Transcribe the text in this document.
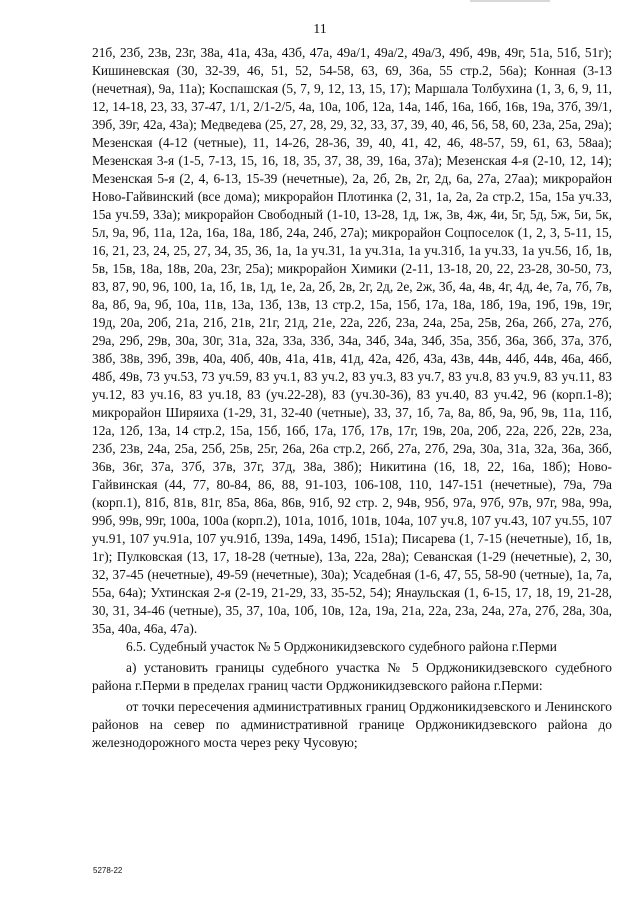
11

21б, 23б, 23в, 23г, 38а, 41а, 43а, 43б, 47а, 49а/1, 49а/2, 49а/3, 49б, 49в, 49г, 51а, 51б, 51г); Кишиневская (30, 32-39, 46, 51, 52, 54-58, 63, 69, 36а, 55 стр.2, 56а); Конная (3-13 (нечетная), 9а, 11а); Коспашская (5, 7, 9, 12, 13, 15, 17); Маршала Толбухина (1, 3, 6, 9, 11, 12, 14-18, 23, 33, 37-47, 1/1, 2/1-2/5, 4а, 10а, 10б, 12а, 14а, 14б, 16а, 16б, 16в, 19а, 37б, 39/1, 39б, 39г, 42а, 43а); Медведева (25, 27, 28, 29, 32, 33, 37, 39, 40, 46, 56, 58, 60, 23а, 25а, 29а); Мезенская (4-12 (четные), 11, 14-26, 28-36, 39, 40, 41, 42, 46, 48-57, 59, 61, 63, 58аа); Мезенская 3-я (1-5, 7-13, 15, 16, 18, 35, 37, 38, 39, 16а, 37а); Мезенская 4-я (2-10, 12, 14); Мезенская 5-я (2, 4, 6-13, 15-39 (нечетные), 2а, 2б, 2в, 2г, 2д, 6а, 27а, 27аа); микрорайон Ново-Гайвинский (все дома); микрорайон Плотинка (2, 31, 1а, 2а, 2а стр.2, 15а, 15а уч.33, 15а уч.59, 33а); микрорайон Свободный (1-10, 13-28, 1д, 1ж, 3в, 4ж, 4и, 5г, 5д, 5ж, 5и, 5к, 5л, 9а, 9б, 11а, 12а, 16а, 18а, 18б, 24а, 24б, 27а); микрорайон Соцпоселок (1, 2, 3, 5-11, 15, 16, 21, 23, 24, 25, 27, 34, 35, 36, 1а, 1а уч.31, 1а уч.31а, 1а уч.31б, 1а уч.33, 1а уч.56, 1б, 1в, 5в, 15в, 18а, 18в, 20а, 23г, 25а); микрорайон Химики (2-11, 13-18, 20, 22, 23-28, 30-50, 73, 83, 87, 90, 96, 100, 1а, 1б, 1в, 1д, 1е, 2а, 2б, 2в, 2г, 2д, 2е, 2ж, 3б, 4а, 4в, 4г, 4д, 4е, 7а, 7б, 7в, 8а, 8б, 9а, 9б, 10а, 11в, 13а, 13б, 13в, 13 стр.2, 15а, 15б, 17а, 18а, 18б, 19а, 19б, 19в, 19г, 19д, 20а, 20б, 21а, 21б, 21в, 21г, 21д, 21е, 22а, 22б, 23а, 24а, 25а, 25в, 26а, 26б, 27а, 27б, 29а, 29б, 29в, 30а, 30г, 31а, 32а, 33а, 33б, 34а, 34б, 34а, 34б, 35а, 35б, 36а, 36б, 37а, 37б, 38б, 38в, 39б, 39в, 40а, 40б, 40в, 41а, 41в, 41д, 42а, 42б, 43а, 43в, 44в, 44б, 44в, 46а, 46б, 48б, 49в, 73 уч.53, 73 уч.59, 83 уч.1, 83 уч.2, 83 уч.3, 83 уч.7, 83 уч.8, 83 уч.9, 83 уч.11, 83 уч.12, 83 уч.16, 83 уч.18, 83 (уч.22-28), 83 (уч.30-36), 83 уч.40, 83 уч.42, 96 (корп.1-8); микрорайон Ширяиха (1-29, 31, 32-40 (четные), 33, 37, 1б, 7а, 8а, 8б, 9а, 9б, 9в, 11а, 11б, 12а, 12б, 13а, 14 стр.2, 15а, 15б, 16б, 17а, 17б, 17в, 17г, 19в, 20а, 20б, 22а, 22б, 22в, 23а, 23б, 23в, 24а, 25а, 25б, 25в, 25г, 26а, 26а стр.2, 26б, 27а, 27б, 29а, 30а, 31а, 32а, 36а, 36б, 36в, 36г, 37а, 37б, 37в, 37г, 37д, 38а, 38б); Никитина (16, 18, 22, 16а, 18б); Ново-Гайвинская (44, 77, 80-84, 86, 88, 91-103, 106-108, 110, 147-151 (нечетные), 79а, 79а (корп.1), 81б, 81в, 81г, 85а, 86а, 86в, 91б, 92 стр. 2, 94в, 95б, 97а, 97б, 97в, 97г, 98а, 99а, 99б, 99в, 99г, 100а, 100а (корп.2), 101а, 101б, 101в, 104а, 107 уч.8, 107 уч.43, 107 уч.55, 107 уч.91, 107 уч.91а, 107 уч.91б, 139а, 149а, 149б, 151а); Писарева (1, 7-15 (нечетные), 1б, 1в, 1г); Пулковская (13, 17, 18-28 (четные), 13а, 22а, 28а); Севанская (1-29 (нечетные), 2, 30, 32, 37-45 (нечетные), 49-59 (нечетные), 30а); Усадебная (1-6, 47, 55, 58-90 (четные), 1а, 7а, 55а, 64а); Ухтинская 2-я (2-19, 21-29, 33, 35-52, 54); Янаульская (1, 6-15, 17, 18, 19, 21-28, 30, 31, 34-46 (четные), 35, 37, 10а, 10б, 10в, 12а, 19а, 21а, 22а, 23а, 24а, 27а, 27б, 28а, 30а, 35а, 40а, 46а, 47а).

6.5. Судебный участок № 5 Орджоникидзевского судебного района г.Перми

а) установить границы судебного участка № 5 Орджоникидзевского судебного района г.Перми в пределах границ части Орджоникидзевского района г.Перми:

от точки пересечения административных границ Орджоникидзевского и Ленинского районов на север по административной границе Орджоникидзевского района до железнодорожного моста через реку Чусовую;

5278-22
